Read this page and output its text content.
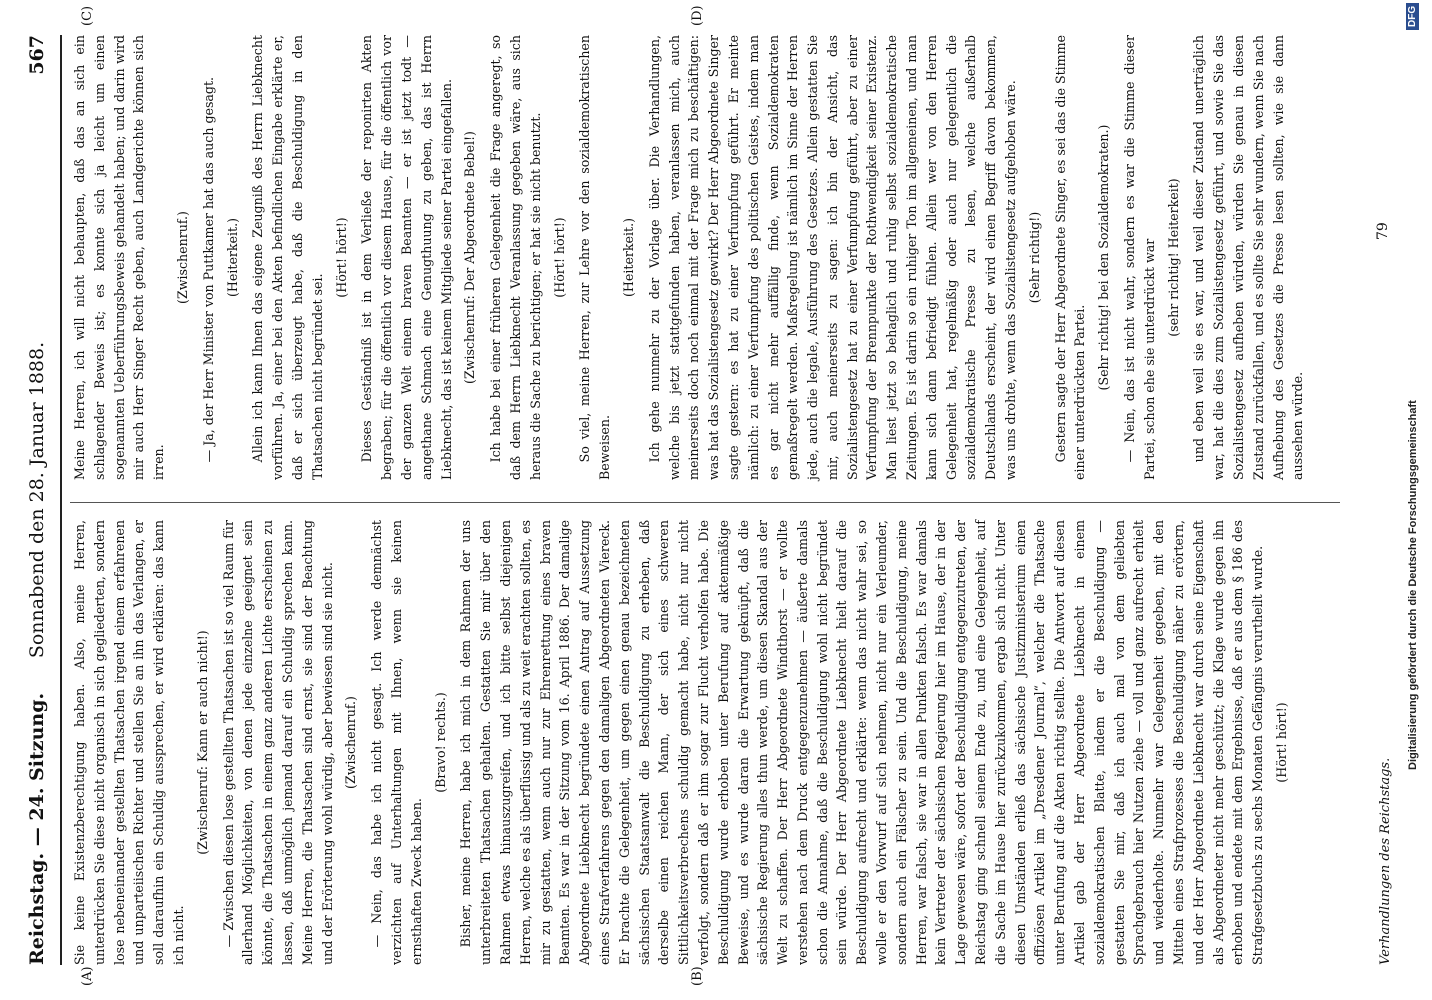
Reichstag. — 24. Sitzung.
Sonnabend den 28. Januar 1888.
567
(A)	(B)
(C)	(D)

Sie keine Existenzberechtigung haben. Also, meine Herren, unterdrücken Sie diese nicht organisch in sich gegliederten, sondern lose nebeneinander gestellten Thatsachen irgend einem erfahrenen und unparteiischen Richter und stellen Sie an ihn das Verlangen, er soll daraufhin ein Schuldig aussprechen, er wird erklären: das kann ich nicht.

(Zwischenruf: Kann er auch nicht!) — Zwischen diesen lose gestellten Thatsachen ist so viel Raum für allerhand Möglichkeiten, von denen jede einzelne geeignet sein könnte, die Thatsachen in einem ganz anderen Lichte erscheinen zu lassen, daß unmöglich jemand darauf ein Schuldig sprechen kann. Meine Herren, die Thatsachen sind ernst, sie sind der Beachtung und der Erörterung wohl würdig, aber bewiesen sind sie nicht. (Zwischenruf.) — Nein, das habe ich nicht gesagt. Ich werde demnächst verzichten auf Unterhaltungen mit Ihnen, wenn sie keinen ernsthaften Zweck haben.

(Bravo! rechts.) Bisher, meine Herren, habe ich mich in dem Rahmen der uns unterbreiteten Thatsachen gehalten. Gestatten Sie mir über den Rahmen etwas hinauszugreifen, und ich bitte selbst diejenigen Herren, welche es als überflüssig und als zu weit erachten sollten, es mir zu gestatten, wenn auch nur zur Ehrenrettung eines braven Beamten. Es war in der Sitzung vom 16. April 1886. Der damalige Abgeordnete Liebknecht begründete einen Antrag auf Aussetzung eines Strafverfahrens gegen den damaligen Abgeordneten Viereck. Er brachte die Gelegenheit, um gegen einen genau bezeichneten sächsischen Staatsanwalt die Beschuldigung zu erheben, daß derselbe einen reichen Mann, der sich eines schweren Sittlichkeitsverbrechens schuldig gemacht habe, nicht nur nicht verfolgt, sondern daß er ihm sogar zur Flucht verholfen habe. Die Beschuldigung wurde erhoben unter Berufung auf aktenmäßige Beweise, und es wurde daran die Erwartung geknüpft, daß die sächsische Regierung alles thun werde, um diesen Skandal aus der Welt zu schaffen. Der Herr Abgeordnete Windthorst — er wollte verstehen nach dem Druck entgegenzunehmen — äußerte damals schon die Annahme, daß die Beschuldigung wohl nicht begründet sein würde. Der Herr Abgeordnete Liebknecht hielt darauf die Beschuldigung aufrecht und erklärte: wenn das nicht wahr sei, so wolle er den Vorwurf auf sich nehmen, nicht nur ein Verleumder, sondern auch ein Fälscher zu sein. Und die Beschuldigung, meine Herren, war falsch, sie war in allen Punkten falsch. Es war damals kein Vertreter der sächsischen Regierung hier im Hause, der in der Lage gewesen wäre, sofort der Beschuldigung entgegenzutreten, der Reichstag ging schnell seinem Ende zu, und eine Gelegenheit, auf die Sache im Hause hier zurückzukommen, ergab sich nicht. Unter diesen Umständen erließ das sächsische Justizministerium einen offiziösen Artikel im „Dresdener Journal“, welcher die Thatsache unter Berufung auf die Akten richtig stellte. Die Antwort auf diesen Artikel gab der Herr Abgeordnete Liebknecht in einem sozialdemokratischen Blatte, indem er die Beschuldigung — gestatten Sie mir, daß ich auch mal von dem geliebten Sprachgebrauch hier Nutzen ziehe — voll und ganz aufrecht erhielt und wiederholte. Nunmehr war Gelegenheit gegeben, mit den Mitteln eines Strafprozesses die Beschuldigung näher zu erörtern, und der Herr Abgeordnete Liebknecht war durch seine Eigenschaft als Abgeordneter nicht mehr geschützt; die Klage wurde gegen ihn erhoben und endete mit dem Ergebnisse, daß er aus dem § 186 des Strafgesetzbuchs zu sechs Monaten Gefängnis verurtheilt wurde. (Hört! hört!)

Meine Herren, ich will nicht behaupten, daß das an sich ein schlagender Beweis ist; es konnte sich ja leicht um einen sogenannten Ueberführungsbeweis gehandelt haben; und darin wird mir auch Herr Singer Recht geben, auch Landgerichte können sich irren.

(Zwischenruf.) — Ja, der Herr Minister von Puttkamer hat das auch gesagt. (Heiterkeit.) Allein ich kann Ihnen das eigene Zeugniß des Herrn Liebknecht vorführen. Ja, einer bei den Akten befindlichen Eingabe erklärte er, daß er sich überzeugt habe, daß die Beschuldigung in den Thatsachen nicht begründet sei.

(Hört! hört!) Dieses Geständniß ist in dem Verließe der reponirten Akten begraben; für die öffentlich vor diesem Hause, für die öffentlich vor der ganzen Welt einem braven Beamten — er ist jetzt todt — angethane Schmach eine Genugthuung zu geben, das ist Herrn Liebknecht, das ist keinem Mitgliede seiner Partei eingefallen. (Zwischenruf: Der Abgeordnete Bebel!) Ich habe bei einer früheren Gelegenheit die Frage angeregt, so daß dem Herrn Liebknecht Veranlassung gegeben wäre, aus sich heraus die Sache zu berichtigen; er hat sie nicht benutzt. (Hört! hört!) So viel, meine Herren, zur Lehre vor den sozialdemokratischen Beweisen.

(Heiterkeit.) Ich gehe nunmehr zu der Vorlage über. Die Verhandlungen, welche bis jetzt stattgefunden haben, veranlassen mich, auch meinerseits doch noch einmal mit der Frage mich zu beschäftigen: was hat das Sozialistengesetz gewirkt? Der Herr Abgeordnete Singer sagte gestern: es hat zu einer Verfumpfung geführt. Er meinte nämlich: zu einer Verfumpfung des politischen Geistes, indem man es gar nicht mehr auffällig finde, wenn Sozialdemokraten gemaßregelt werden. Maßregelung ist nämlich im Sinne der Herren jede, auch die legale, Ausführung des Gesetzes. Allein gestatten Sie mir, auch meinerseits zu sagen: ich bin der Ansicht, das Sozialistengesetz hat zu einer Verfumpfung geführt, aber zu einer Verfumpfung der Brennpunkte der Rothwendigkeit seiner Existenz. Man liest jetzt so behaglich und ruhig selbst sozialdemokratische Zeitungen. Es ist darin so ein ruhiger Ton im allgemeinen, und man kann sich dann befriedigt fühlen. Allein wer von den Herren Gelegenheit hat, regelmäßig oder auch nur gelegentlich die sozialdemokratische Presse zu lesen, welche außerhalb Deutschlands erscheint, der wird einen Begriff davon bekommen, was uns drohte, wenn das Sozialistengesetz aufgehoben wäre. (Sehr richtig!) Gestern sagte der Herr Abgeordnete Singer, es sei das die Stimme einer unterdrückten Partei.

(Sehr richtig! bei den Sozialdemokraten.) — Nein, das ist nicht wahr, sondern es war die Stimme dieser Partei, schon ehe sie unterdrückt war (sehr richtig! Heiterkeit) und eben weil sie es war, und weil dieser Zustand unerträglich war, hat die dies zum Sozialistengesetz geführt, und sowie Sie das Sozialistengesetz aufheben würden, würden Sie genau in diesen Zustand zurückfallen, und es sollte Sie sehr wundern, wenn Sie nach Aufhebung des Gesetzes die Presse lesen sollten, wie sie dann aussehen würde.

Verhandlungen des Reichstags.
79
Digitalisierung gefördert durch die Deutsche Forschungsgemeinschaft
DFG
